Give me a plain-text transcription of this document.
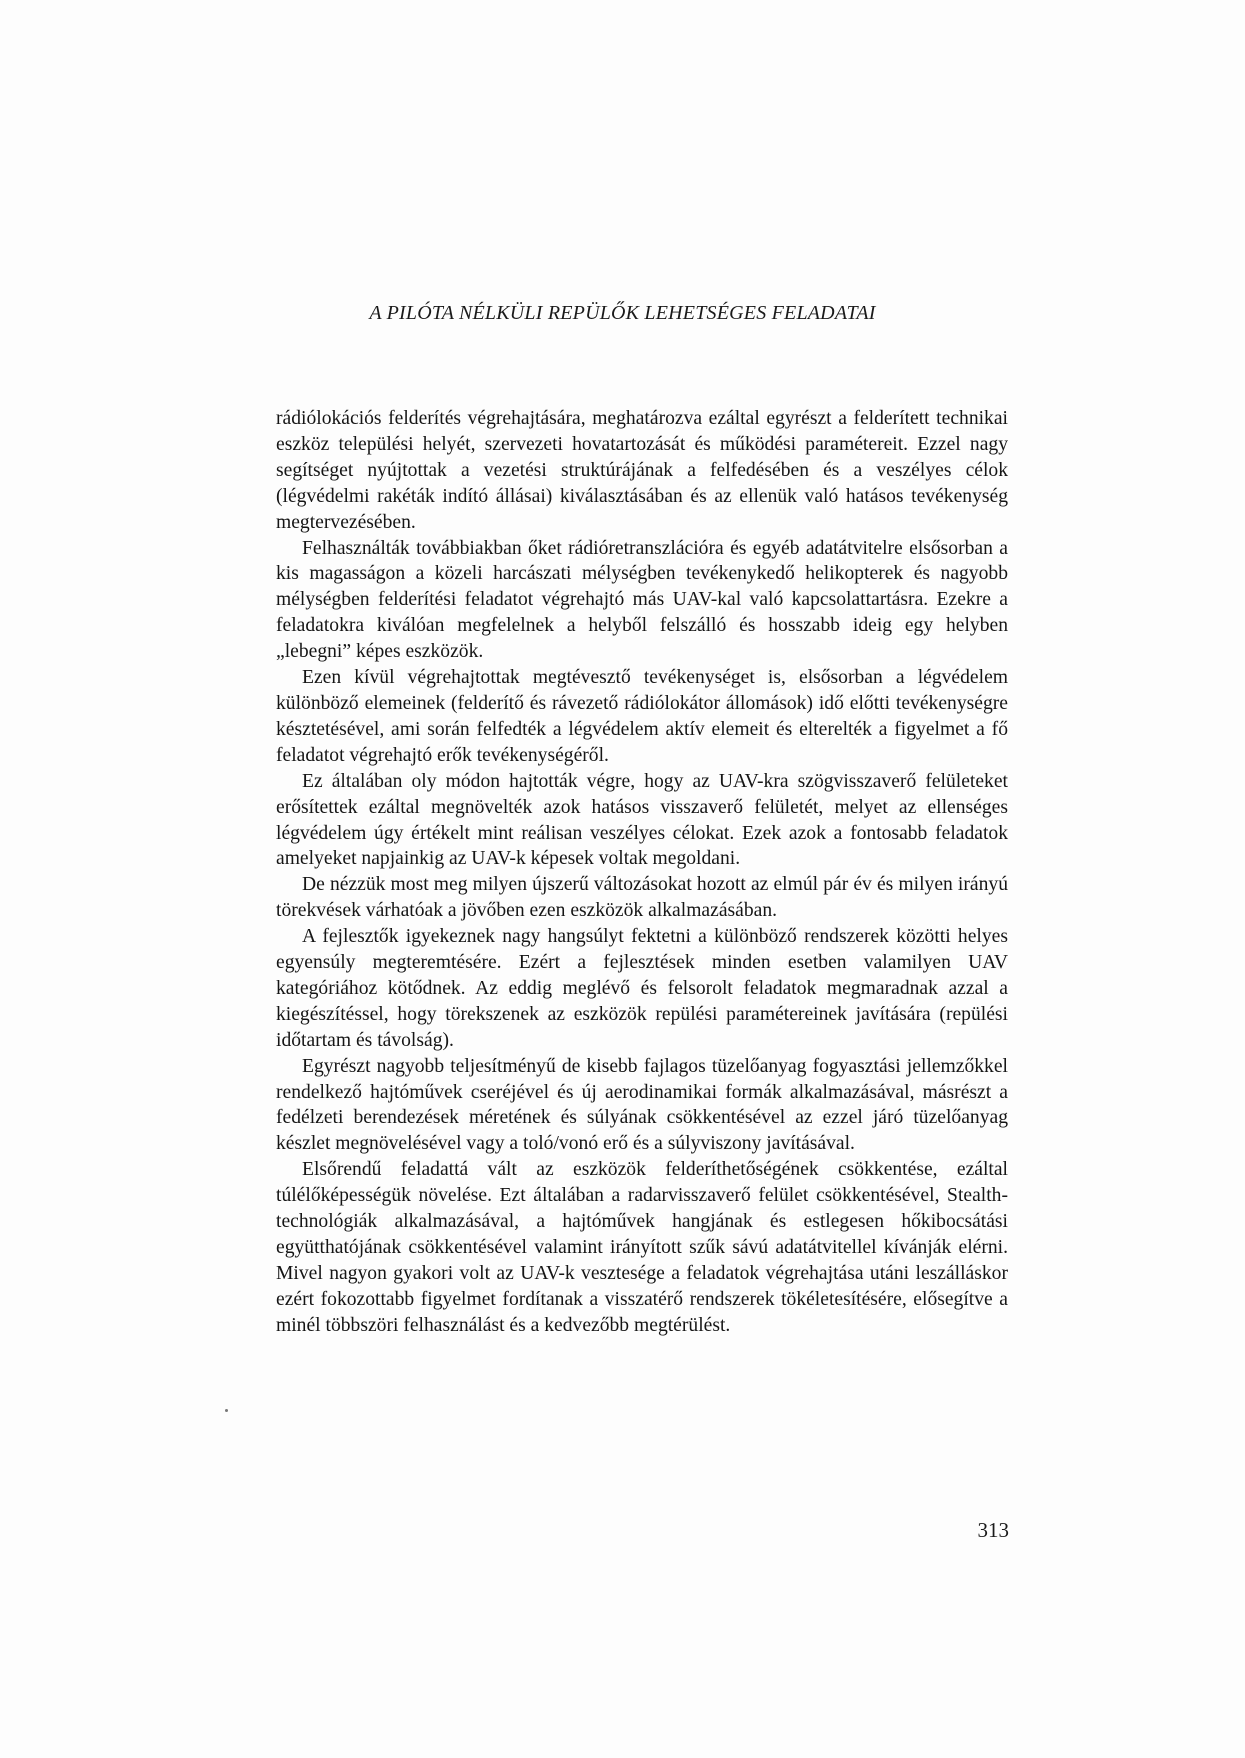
A PILÓTA NÉLKÜLI REPÜLŐK LEHETSÉGES FELADATAI

rádiólokációs felderítés végrehajtására, meghatározva ezáltal egyrészt a felderített technikai eszköz települési helyét, szervezeti hovatartozását és működési paramétereit. Ezzel nagy segítséget nyújtottak a vezetési struktúrájának a felfedésében és a veszélyes célok (légvédelmi rakéták indító állásai) kiválasztásában és az ellenük való hatásos tevékenység megtervezésében.

Felhasználták továbbiakban őket rádióretranszlációra és egyéb adatátvitelre elsősorban a kis magasságon a közeli harcászati mélységben tevékenykedő helikopterek és nagyobb mélységben felderítési feladatot végrehajtó más UAV-kal való kapcsolattartásra. Ezekre a feladatokra kiválóan megfelelnek a helyből felszálló és hosszabb ideig egy helyben „lebegni” képes eszközök.

Ezen kívül végrehajtottak megtévesztő tevékenységet is, elsősorban a légvédelem különböző elemeinek (felderítő és rávezető rádiólokátor állomások) idő előtti tevékenységre késztetésével, ami során felfedték a légvédelem aktív elemeit és elterelték a figyelmet a fő feladatot végrehajtó erők tevékenységéről.

Ez általában oly módon hajtották végre, hogy az UAV-kra szögvisszaverő felületeket erősítettek ezáltal megnövelték azok hatásos visszaverő felületét, melyet az ellenséges légvédelem úgy értékelt mint reálisan veszélyes célokat. Ezek azok a fontosabb feladatok amelyeket napjainkig az UAV-k képesek voltak megoldani.

De nézzük most meg milyen újszerű változásokat hozott az elmúl pár év és milyen irányú törekvések várhatóak a jövőben ezen eszközök alkalmazásában.

A fejlesztők igyekeznek nagy hangsúlyt fektetni a különböző rendszerek közötti helyes egyensúly megteremtésére. Ezért a fejlesztések minden esetben valamilyen UAV kategóriához kötődnek. Az eddig meglévő és felsorolt feladatok megmaradnak azzal a kiegészítéssel, hogy törekszenek az eszközök repülési paramétereinek javítására (repülési időtartam és távolság).

Egyrészt nagyobb teljesítményű de kisebb fajlagos tüzelőanyag fogyasztási jellemzőkkel rendelkező hajtóművek cseréjével és új aerodinamikai formák alkalmazásával, másrészt a fedélzeti berendezések méretének és súlyának csökkentésével az ezzel járó tüzelőanyag készlet megnövelésével vagy a toló/vonó erő és a súlyviszony javításával.

Elsőrendű feladattá vált az eszközök felderíthetőségének csökkentése, ezáltal túlélőképességük növelése. Ezt általában a radarvisszaverő felület csökkentésével, Stealth-technológiák alkalmazásával, a hajtóművek hangjának és estlegesen hőkibocsátási együtthatójának csökkentésével valamint irányított szűk sávú adatátvitellel kívánják elérni. Mivel nagyon gyakori volt az UAV-k vesztesége a feladatok végrehajtása utáni leszálláskor ezért fokozottabb figyelmet fordítanak a visszatérő rendszerek tökéletesítésére, elősegítve a minél többszöri felhasználást és a kedvezőbb megtérülést.

313
